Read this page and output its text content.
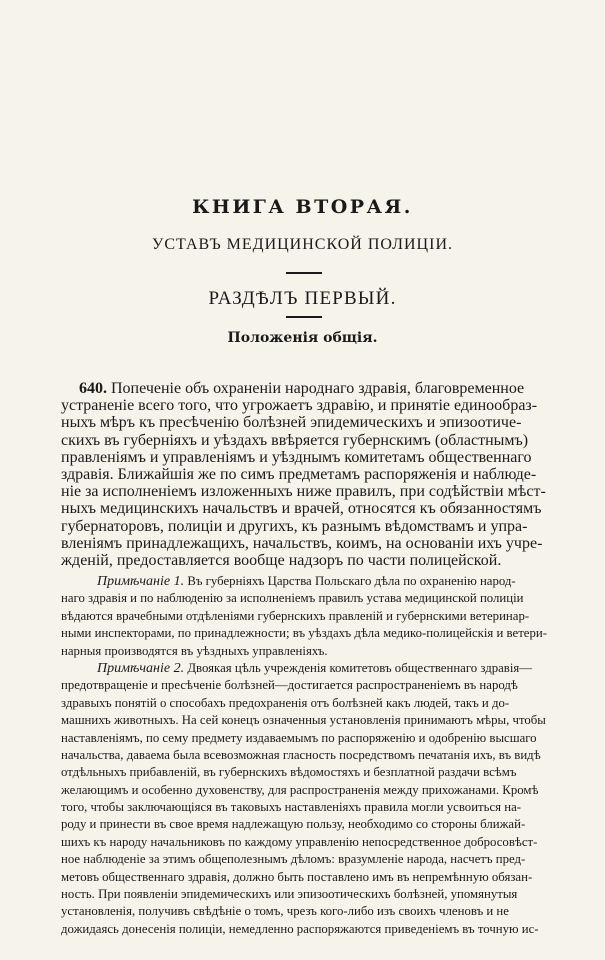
КНИГА ВТОРАЯ.
УСТАВЪ МЕДИЦИНСКОЙ ПОЛИЦІИ.
РАЗДѢЛЪ ПЕРВЫЙ.
Положенія общія.
640. Попеченіе объ охраненіи народнаго здравія, благовременное
устраненіе всего того, что угрожаетъ здравію, и принятіе единообраз-
ныхъ мѣръ къ пресѣченію болѣзней эпидемическихъ и эпизоотиче-
скихъ въ губерніяхъ и уѣздахъ ввѣряется губернскимъ (областнымъ)
правленіямъ и управленіямъ и уѣзднымъ комитетамъ общественнаго
здравія. Ближайшія же по симъ предметамъ распоряженія и наблюде-
ніе за исполненіемъ изложенныхъ ниже правилъ, при содѣйствіи мѣст-
ныхъ медицинскихъ начальствъ и врачей, относятся къ обязанностямъ
губернаторовъ, полиціи и другихъ, къ разнымъ вѣдомствамъ и упра-
вленіямъ принадлежащихъ, начальствъ, коимъ, на основаніи ихъ учре-
жденій, предоставляется вообще надзоръ по части полицейской.
Примѣчаніе 1. Въ губерніяхъ Царства Польскаго дѣла по охраненію народ-
наго здравія и по наблюденію за исполненіемъ правилъ устава медицинской полиціи
вѣдаются врачебными отдѣленіями губернскихъ правленій и губернскими ветеринар-
ными инспекторами, по принадлежности; въ уѣздахъ дѣла медико-полицейскія и ветери-
нарныя производятся въ уѣздныхъ управленіяхъ.
Примѣчаніе 2. Двоякая цѣль учрежденія комитетовъ общественнаго здравія—
предотвращеніе и пресѣченіе болѣзней—достигается распространеніемъ въ народѣ
здравыхъ понятій о способахъ предохраненія отъ болѣзней какъ людей, такъ и до-
машнихъ животныхъ. На сей конецъ означенныя установленія принимаютъ мѣры, чтобы
наставленіямъ, по сему предмету издаваемымъ по распоряженію и одобренію высшаго
начальства, давaема была всевозможная гласность посредствомъ печатанія ихъ, въ видѣ
отдѣльныхъ прибавленій, въ губернскихъ вѣдомостяхъ и безплатной раздачи всѣмъ
желающимъ и особенно духовенству, для распространенія между прихожанами. Кромѣ
того, чтобы заключающіяся въ таковыхъ наставленіяхъ правила могли усвоиться на-
роду и принести въ свое время надлежащую пользу, необходимо со стороны ближай-
шихъ къ народу начальниковъ по каждому управленію непосредственное добросовѣст-
ное наблюденіе за этимъ общеполезнымъ дѣломъ: вразумленіе народа, насчетъ пред-
метовъ общественнаго здравія, должно быть поставлено имъ въ непремѣнную обязан-
ность. При появленіи эпидемическихъ или эпизоотическихъ болѣзней, упомянутыя
установленія, получивъ свѣдѣніе о томъ, чрезъ кого-либо изъ своихъ членовъ и не
дожидаясь донесенія полиціи, немедленно распоряжаются приведеніемъ въ точную ис-
